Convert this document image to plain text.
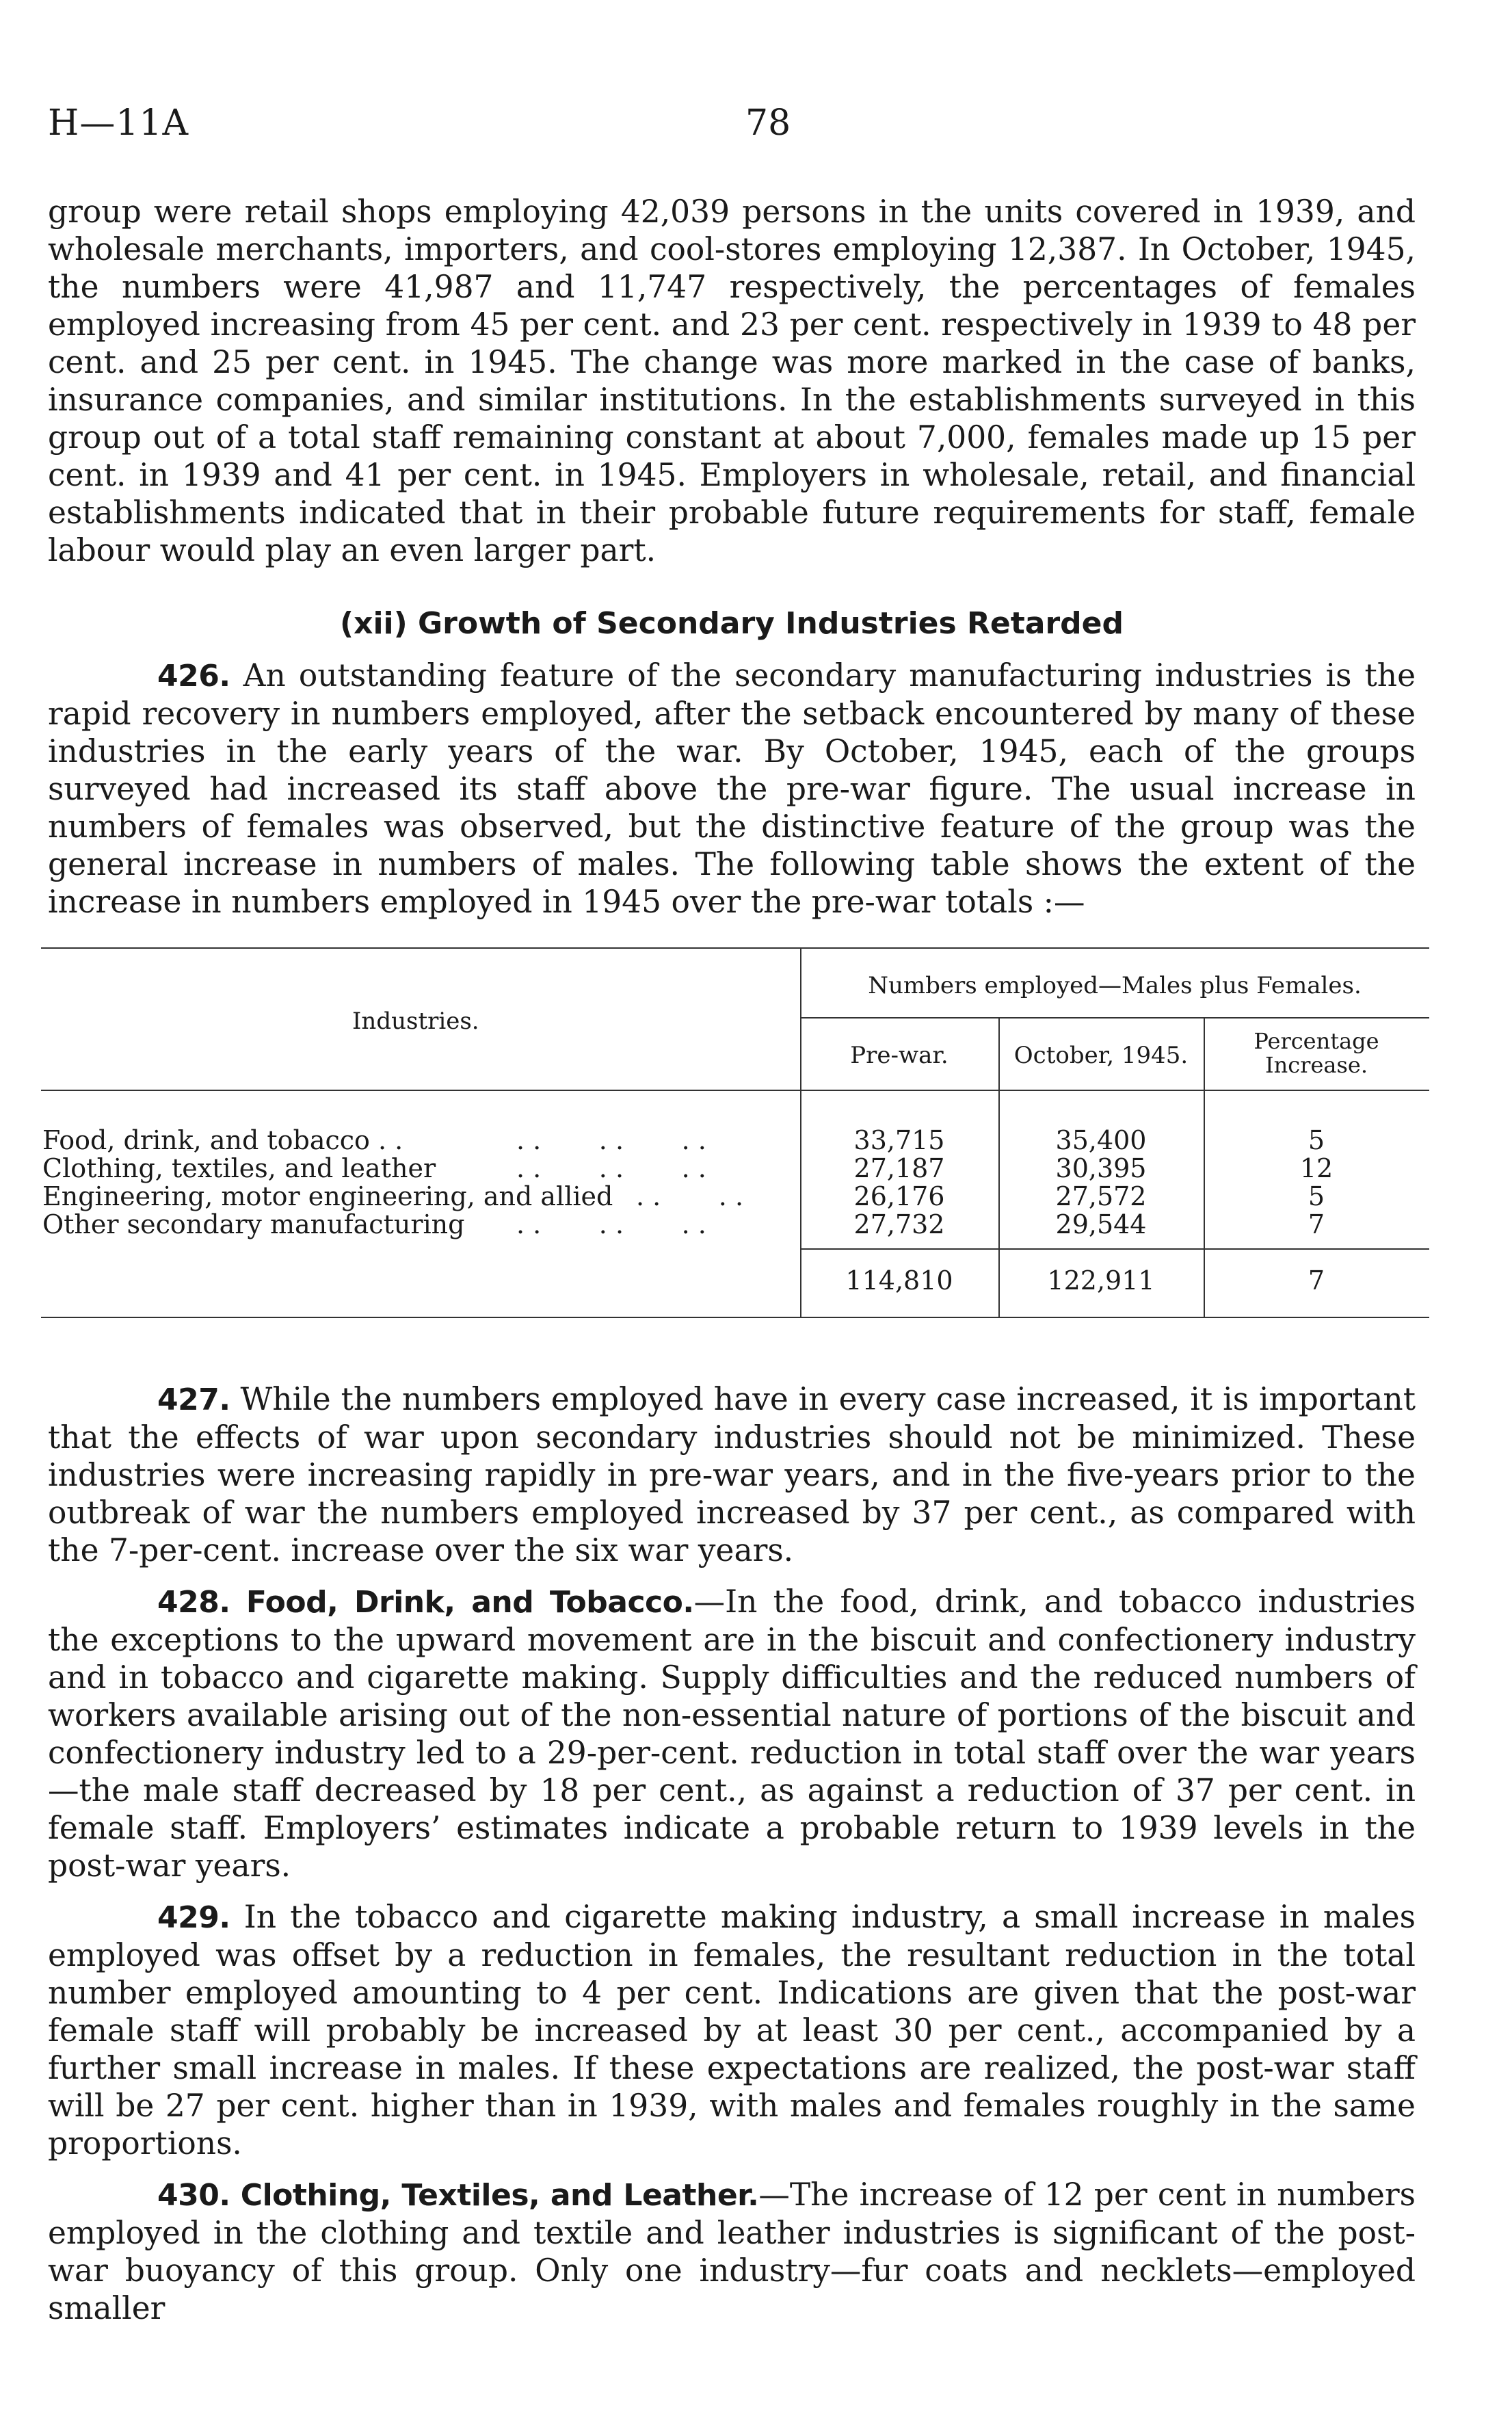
H—11A	78

group were retail shops employing 42,039 persons in the units covered in 1939, and wholesale merchants, importers, and cool-stores employing 12,387. In October, 1945, the numbers were 41,987 and 11,747 respectively, the percentages of females employed increasing from 45 per cent. and 23 per cent. respectively in 1939 to 48 per cent. and 25 per cent. in 1945. The change was more marked in the case of banks, insurance companies, and similar institutions. In the establishments surveyed in this group out of a total staff remaining constant at about 7,000, females made up 15 per cent. in 1939 and 41 per cent. in 1945. Employers in wholesale, retail, and financial establishments indicated that in their probable future requirements for staff, female labour would play an even larger part.

(xii) Growth of Secondary Industries Retarded

426. An outstanding feature of the secondary manufacturing industries is the rapid recovery in numbers employed, after the setback encountered by many of these industries in the early years of the war. By October, 1945, each of the groups surveyed had increased its staff above the pre-war figure. The usual increase in numbers of females was observed, but the distinctive feature of the group was the general increase in numbers of males. The following table shows the extent of the increase in numbers employed in 1945 over the pre-war totals :—

Industries.
Numbers employed—Males plus Females.
Pre-war.	October, 1945.
Percentage
Increase.
Food, drink, and tobacco . .	. .       . .       . .	33,715	35,400	5
Clothing, textiles, and leather	. .       . .       . .	27,187	30,395	12
Engineering, motor engineering, and allied . .       . .	26,176	27,572	5
Other secondary manufacturing . .       . .       . .	27,732	29,544	7
114,810	122,911	7

427. While the numbers employed have in every case increased, it is important that the effects of war upon secondary industries should not be minimized. These industries were increasing rapidly in pre-war years, and in the five-years prior to the outbreak of war the numbers employed increased by 37 per cent., as compared with the 7-per-cent. increase over the six war years.

428. Food, Drink, and Tobacco.—In the food, drink, and tobacco industries the exceptions to the upward movement are in the biscuit and confectionery industry and in tobacco and cigarette making. Supply difficulties and the reduced numbers of workers available arising out of the non-essential nature of portions of the biscuit and confectionery industry led to a 29-per-cent. reduction in total staff over the war years—the male staff decreased by 18 per cent., as against a reduction of 37 per cent. in female staff. Employers’ estimates indicate a probable return to 1939 levels in the post-war years.

429. In the tobacco and cigarette making industry, a small increase in males employed was offset by a reduction in females, the resultant reduction in the total number employed amounting to 4 per cent. Indications are given that the post-war female staff will probably be increased by at least 30 per cent., accompanied by a further small increase in males. If these expectations are realized, the post-war staff will be 27 per cent. higher than in 1939, with males and females roughly in the same proportions.

430. Clothing, Textiles, and Leather.—The increase of 12 per cent in numbers employed in the clothing and textile and leather industries is significant of the post-war buoyancy of this group. Only one industry—fur coats and necklets—employed smaller
